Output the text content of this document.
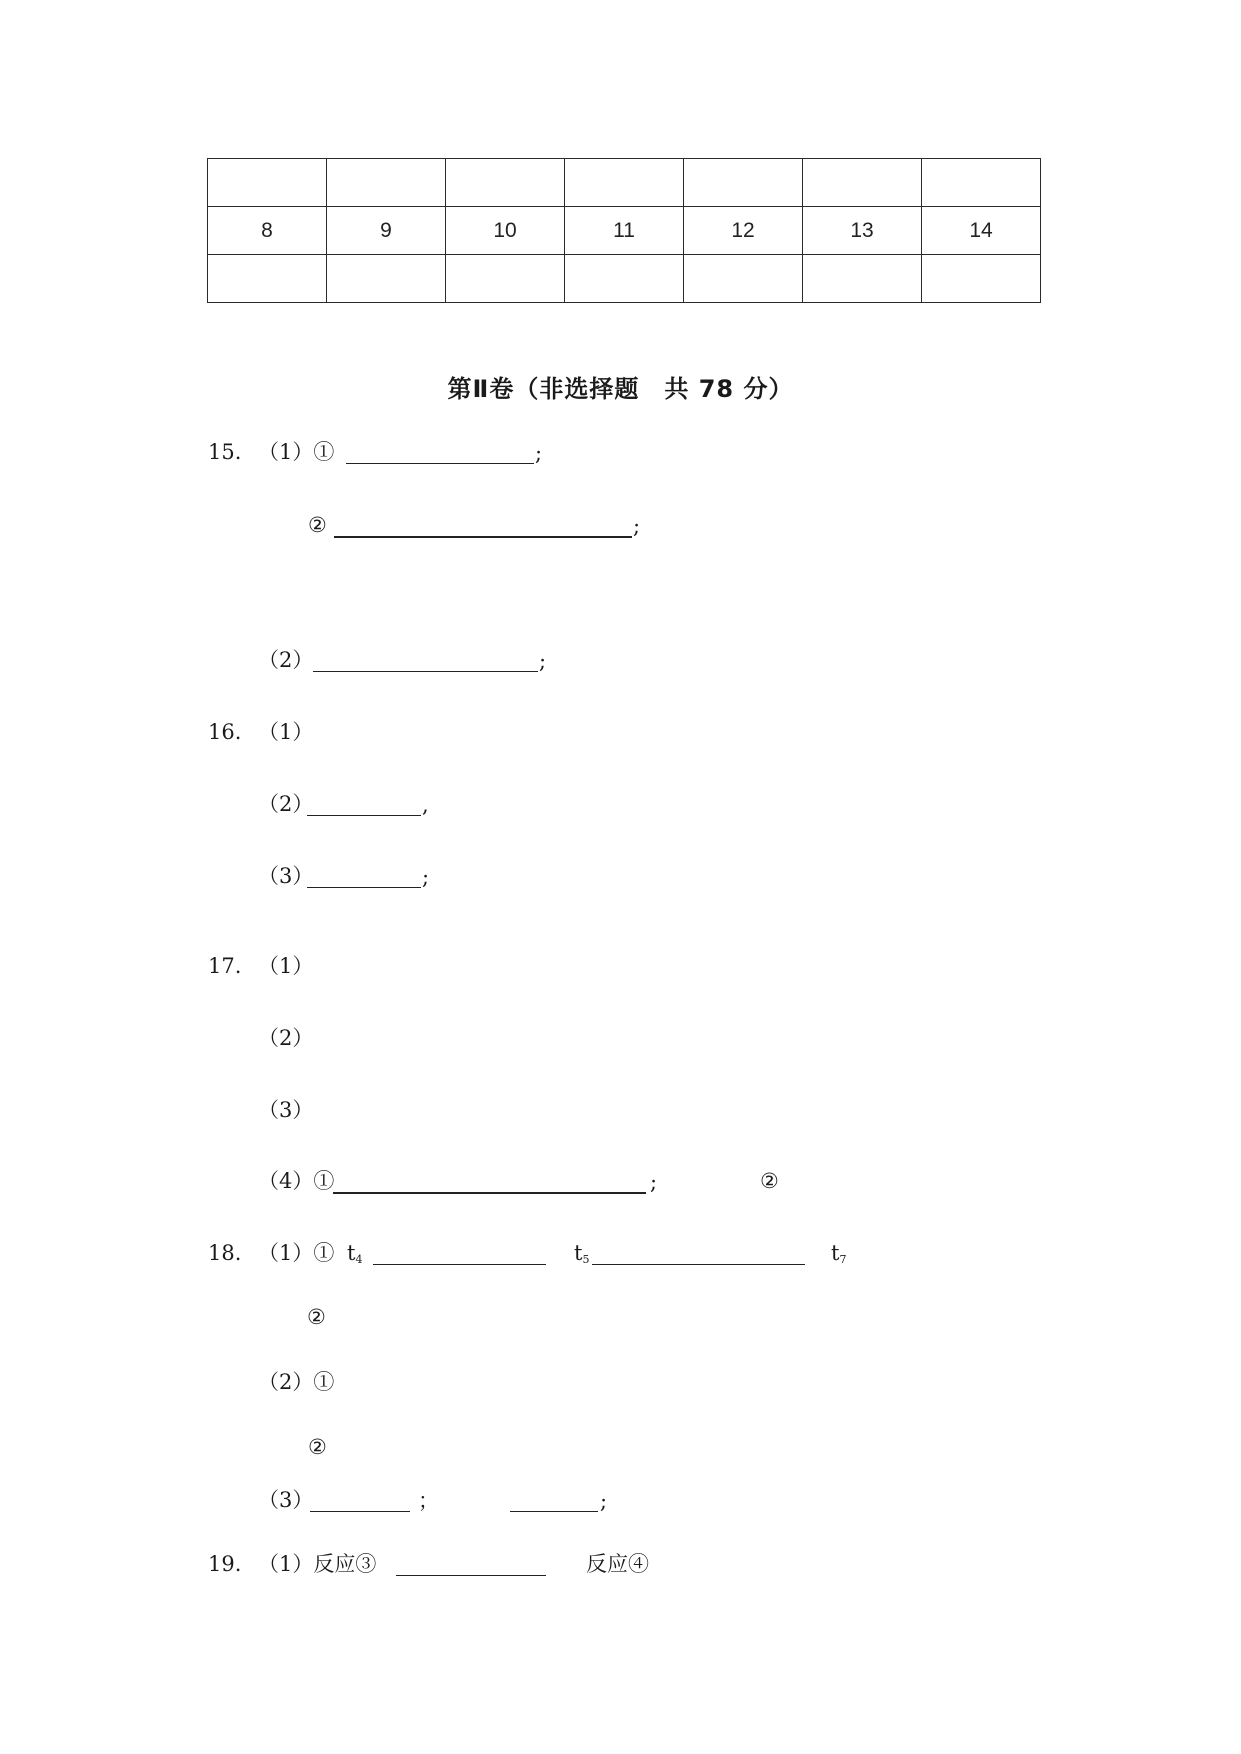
8	9	10	11	12	13	14

第Ⅱ卷（非选择题　共 78 分）
15. （1）①	;
②	;
（2）	;
16. （1）
（2）	,
（3）	;
17. （1）
（2）
（3）
（4）①	;	②
18. （1）① $t_4$	$t_5$	$t_7$
②
（2）①
②
（3）	；	;
19. （1）反应③	反应④
